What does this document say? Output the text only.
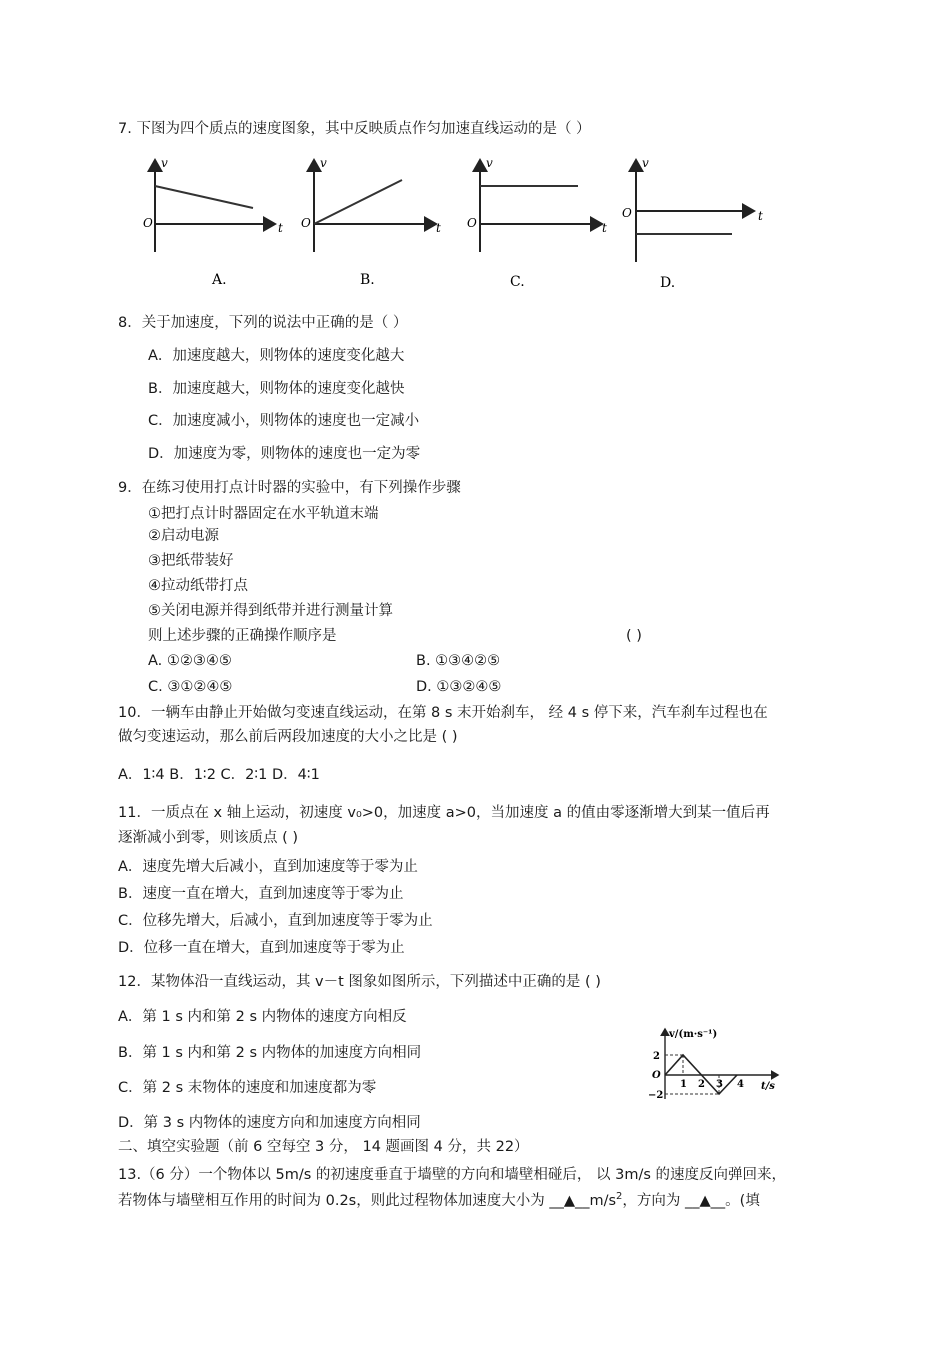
7. 下图为四个质点的速度图象，其中反映质点作匀加速直线运动的是（ ）
v
t
O
A.
v
t
O
B.
v
t
O
C.
v
t
O
D.
8．关于加速度，下列的说法中正确的是（ ）
A．加速度越大，则物体的速度变化越大
B．加速度越大，则物体的速度变化越快
C．加速度减小，则物体的速度也一定减小
D．加速度为零，则物体的速度也一定为零
9．在练习使用打点计时器的实验中，有下列操作步骤
①把打点计时器固定在水平轨道末端
②启动电源
③把纸带装好
④拉动纸带打点
⑤关闭电源并得到纸带并进行测量计算
则上述步骤的正确操作顺序是	( )
A. ①②③④⑤	B. ①③④②⑤
C. ③①②④⑤	D. ①③②④⑤
10．一辆车由静止开始做匀变速直线运动，在第 8 s 末开始刹车， 经 4 s 停下来，汽车刹车过程也在
做匀变速运动，那么前后两段加速度的大小之比是 ( )
A．1∶4 B．1∶2 C．2∶1 D．4∶1
11．一质点在 x 轴上运动，初速度 v₀>0，加速度 a>0，当加速度 a 的值由零逐渐增大到某一值后再
逐渐减小到零，则该质点 ( )
A．速度先增大后减小，直到加速度等于零为止
B．速度一直在增大，直到加速度等于零为止
C．位移先增大，后减小，直到加速度等于零为止
D．位移一直在增大，直到加速度等于零为止
12．某物体沿一直线运动，其 v－t 图象如图所示，下列描述中正确的是 ( )
A．第 1 s 内和第 2 s 内物体的速度方向相反
B．第 1 s 内和第 2 s 内物体的加速度方向相同
C．第 2 s 末物体的速度和加速度都为零
D．第 3 s 内物体的速度方向和加速度方向相同
v/(m·s⁻¹)
t/s
2
O
−2
1 2 3 4
二、填空实验题（前 6 空每空 3 分， 14 题画图 4 分，共 22）
13.（6 分）一个物体以 5m/s 的初速度垂直于墙壁的方向和墙壁相碰后， 以 3m/s 的速度反向弹回来，
若物体与墙壁相互作用的时间为 0.2s，则此过程物体加速度大小为 $\_\_▲\_\_m/s^2$，方向为 __▲__。(填
